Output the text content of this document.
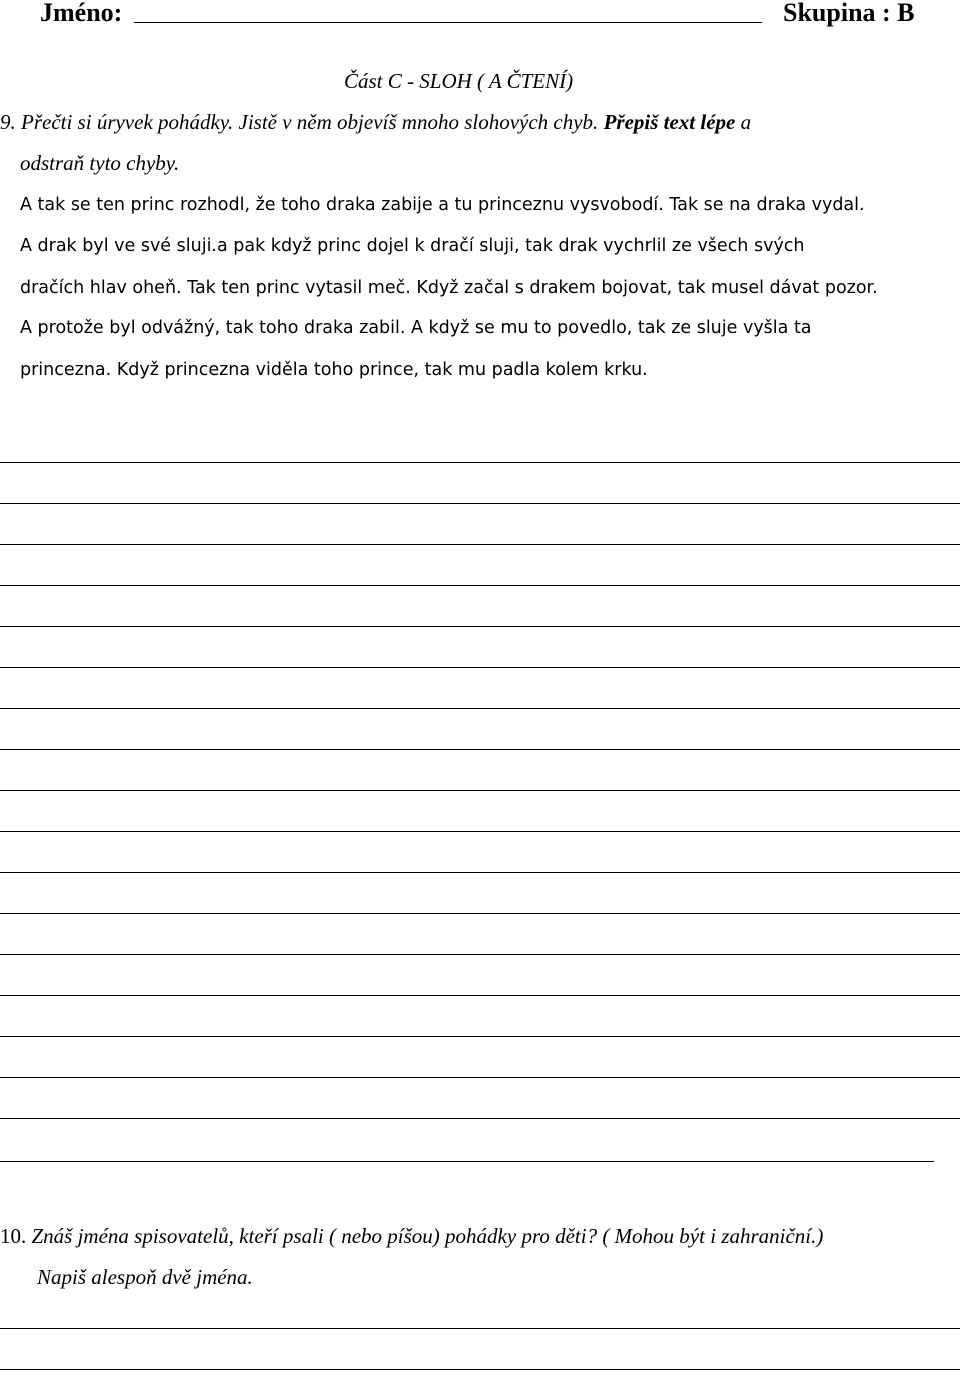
Jméno:	Skupina : B
Část C - SLOH ( A ČTENÍ)
9. Přečti si úryvek pohádky. Jistě v něm objevíš mnoho slohových chyb. Přepiš text lépe a
odstraň tyto chyby.
A tak se ten princ rozhodl, že toho draka zabije a tu princeznu vysvobodí. Tak se na draka vydal.
A drak byl ve své sluji.a pak když princ dojel k dračí sluji, tak drak vychrlil ze všech svých
dračích hlav oheň. Tak ten princ vytasil meč. Když začal s drakem bojovat, tak musel dávat pozor.
A protože byl odvážný, tak toho draka zabil. A když se mu to povedlo, tak ze sluje vyšla ta
princezna. Když princezna viděla toho prince, tak mu padla kolem krku.
10. Znáš jména spisovatelů, kteří psali ( nebo píšou) pohádky pro děti? ( Mohou být i zahraniční.)
Napiš alespoň dvě jména.
